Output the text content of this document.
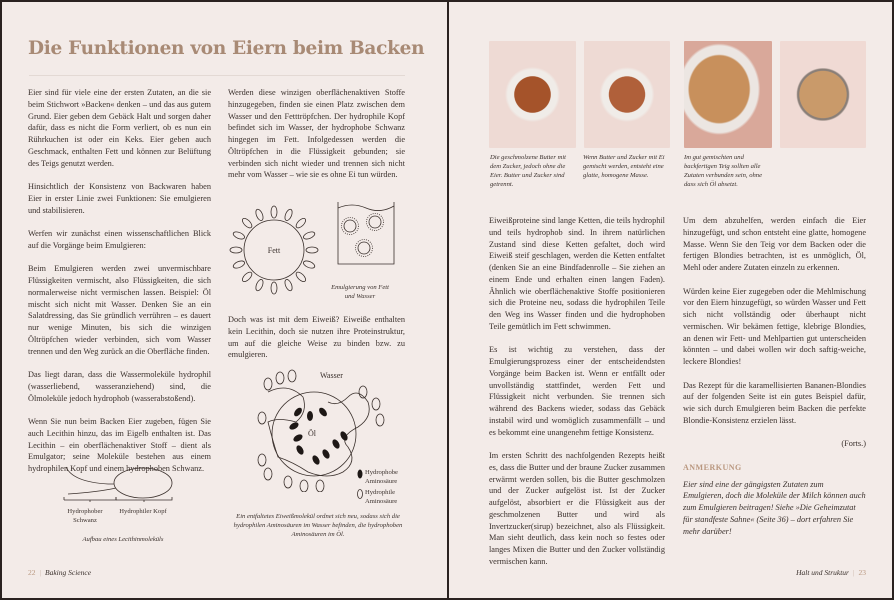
Die Funktionen von Eiern beim Backen

Eier sind für viele eine der ersten Zutaten, an die sie beim Stichwort »Backen« denken – und das aus gutem Grund. Eier geben dem Gebäck Halt und sorgen daher dafür, dass es nicht die Form verliert, ob es nun ein Rührkuchen ist oder ein Keks. Eier geben auch Geschmack, enthalten Fett und können zur Belüftung des Teigs genutzt werden.

Hinsichtlich der Konsistenz von Backwaren haben Eier in erster Linie zwei Funktionen: Sie emulgieren und stabilisieren.

Werfen wir zunächst einen wissenschaftlichen Blick auf die Vorgänge beim Emulgieren:

Beim Emulgieren werden zwei unvermischbare Flüssigkeiten vermischt, also Flüssigkeiten, die sich normalerweise nicht vermischen lassen. Beispiel: Öl mischt sich nicht mit Wasser. Denken Sie an ein Salatdressing, das Sie gründlich verrühren – es dauert nur wenige Minuten, bis sich die winzigen Öltröpfchen wieder verbinden, sich vom Wasser trennen und den Weg zurück an die Oberfläche finden.

Das liegt daran, dass die Wassermoleküle hydrophil (wasserliebend, wasseranziehend) sind, die Ölmoleküle jedoch hydrophob (wasserabstoßend).

Wenn Sie nun beim Backen Eier zugeben, fügen Sie auch Lecithin hinzu, das im Eigelb enthalten ist. Das Lecithin – ein oberflächenaktiver Stoff – dient als Emulgator; seine Moleküle bestehen aus einem hydrophilen Kopf und einem hydrophoben Schwanz.

Werden diese winzigen oberflächenaktiven Stoffe hinzugegeben, finden sie einen Platz zwischen dem Wasser und den Fetttröpfchen. Der hydrophile Kopf befindet sich im Wasser, der hydrophobe Schwanz hingegen im Fett. Infolgedessen werden die Öltröpfchen in die Flüssigkeit gebunden; sie verbinden sich nicht wieder und trennen sich nicht mehr vom Wasser – wie sie es ohne Ei tun würden.

Fett
Emulgierung von Fett und Wasser

Doch was ist mit dem Eiweiß? Eiweiße enthalten kein Lecithin, doch sie nutzen ihre Proteinstruktur, um auf die gleiche Weise zu binden bzw. zu emulgieren.

Wasser
Öl
Hydrophobe Aminosäure
Hydrophile Aminosäure
Ein entfaltetes Eiweißmolekül ordnet sich neu, sodass sich die hydrophilen Aminosäuren im Wasser befinden, die hydrophoben Aminosäuren im Öl.
Hydrophober Schwanz
Hydrophiler Kopf
Aufbau eines Lecithinmoleküls
22 | Baking Science
Die geschmolzene Butter mit dem Zucker, jedoch ohne die Eier. Butter und Zucker sind getrennt.
Wenn Butter und Zucker mit Ei gemischt werden, entsteht eine glatte, homogene Masse.
Im gut gemischten und backfertigen Teig sollten alle Zutaten verbunden sein, ohne dass sich Öl absetzt.

Eiweißproteine sind lange Ketten, die teils hydrophil und teils hydrophob sind. In ihrem natürlichen Zustand sind diese Ketten gefaltet, doch wird Eiweiß steif geschlagen, werden die Ketten entfaltet (denken Sie an eine Bindfadenrolle – Sie ziehen an einem Ende und erhalten einen langen Faden). Ähnlich wie oberflächenaktive Stoffe positionieren sich die Proteine neu, sodass die hydrophilen Teile den Weg ins Wasser finden und die hydrophoben Teile gemütlich im Fett schwimmen.

Es ist wichtig zu verstehen, dass der Emulgierungsprozess einer der entscheidendsten Vorgänge beim Backen ist. Wenn er entfällt oder unvollständig stattfindet, werden Fett und Flüssigkeit nicht verbunden. Sie trennen sich während des Backens wieder, sodass das Gebäck instabil wird und womöglich zusammenfällt – und es bekommt eine unangenehm fettige Konsistenz.

Im ersten Schritt des nachfolgenden Rezepts heißt es, dass die Butter und der braune Zucker zusammen erwärmt werden sollen, bis die Butter geschmolzen und der Zucker aufgelöst ist. Ist der Zucker aufgelöst, absorbiert er die Flüssigkeit aus der geschmolzenen Butter und wird als Invertzucker(sirup) bezeichnet, also als Flüssigkeit. Man sieht deutlich, dass kein noch so festes oder langes Mixen die Butter und den Zucker vollständig vermischen kann.

Um dem abzuhelfen, werden einfach die Eier hinzugefügt, und schon entsteht eine glatte, homogene Masse. Wenn Sie den Teig vor dem Backen oder die fertigen Blondies betrachten, ist es unmöglich, Öl, Mehl oder andere Zutaten einzeln zu erkennen.

Würden keine Eier zugegeben oder die Mehlmischung vor den Eiern hinzugefügt, so würden Wasser und Fett sich nicht vollständig oder überhaupt nicht vermischen. Wir bekämen fettige, klebrige Blondies, an denen wir Fett- und Mehlpartien gut unterscheiden könnten – und dabei wollen wir doch saftig-weiche, leckere Blondies!

Das Rezept für die karamellisierten Bananen-Blondies auf der folgenden Seite ist ein gutes Beispiel dafür, wie sich durch Emulgieren beim Backen die perfekte Blondie-Konsistenz erzielen lässt.

(Forts.)

ANMERKUNG

Eier sind eine der gängigsten Zutaten zum Emulgieren, doch die Moleküle der Milch können auch zum Emulgieren beitragen! Siehe »Die Geheimzutat für standfeste Sahne« (Seite 36) – dort erfahren Sie mehr darüber!

Halt und Struktur | 23
